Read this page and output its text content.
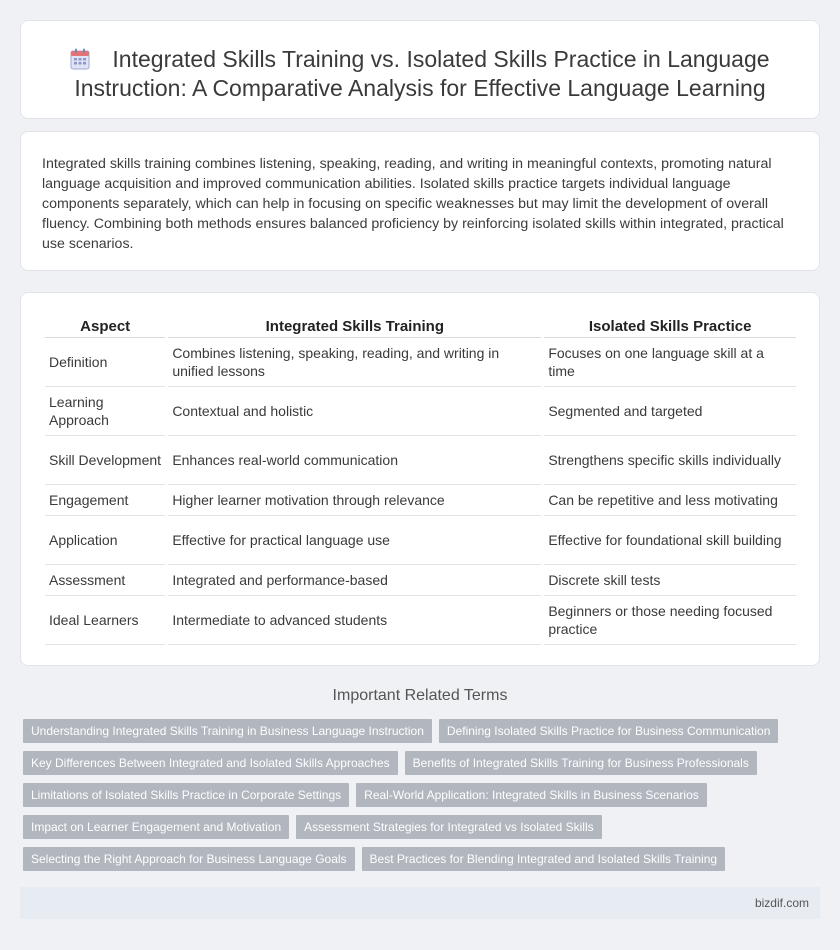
Integrated Skills Training vs. Isolated Skills Practice in Language Instruction: A Comparative Analysis for Effective Language Learning

Integrated skills training combines listening, speaking, reading, and writing in meaningful contexts, promoting natural language acquisition and improved communication abilities. Isolated skills practice targets individual language components separately, which can help in focusing on specific weaknesses but may limit the development of overall fluency. Combining both methods ensures balanced proficiency by reinforcing isolated skills within integrated, practical use scenarios.

Aspect	Integrated Skills Training	Isolated Skills Practice
Definition	Combines listening, speaking, reading, and writing in unified lessons	Focuses on one language skill at a time
Learning Approach	Contextual and holistic	Segmented and targeted
Skill Development	Enhances real-world communication	Strengthens specific skills individually
Engagement	Higher learner motivation through relevance	Can be repetitive and less motivating
Application	Effective for practical language use	Effective for foundational skill building
Assessment	Integrated and performance-based	Discrete skill tests
Ideal Learners	Intermediate to advanced students	Beginners or those needing focused practice
Important Related Terms
Understanding Integrated Skills Training in Business Language Instruction	Defining Isolated Skills Practice for Business Communication
Key Differences Between Integrated and Isolated Skills Approaches	Benefits of Integrated Skills Training for Business Professionals
Limitations of Isolated Skills Practice in Corporate Settings	Real-World Application: Integrated Skills in Business Scenarios
Impact on Learner Engagement and Motivation	Assessment Strategies for Integrated vs Isolated Skills
Selecting the Right Approach for Business Language Goals	Best Practices for Blending Integrated and Isolated Skills Training
bizdif.com
